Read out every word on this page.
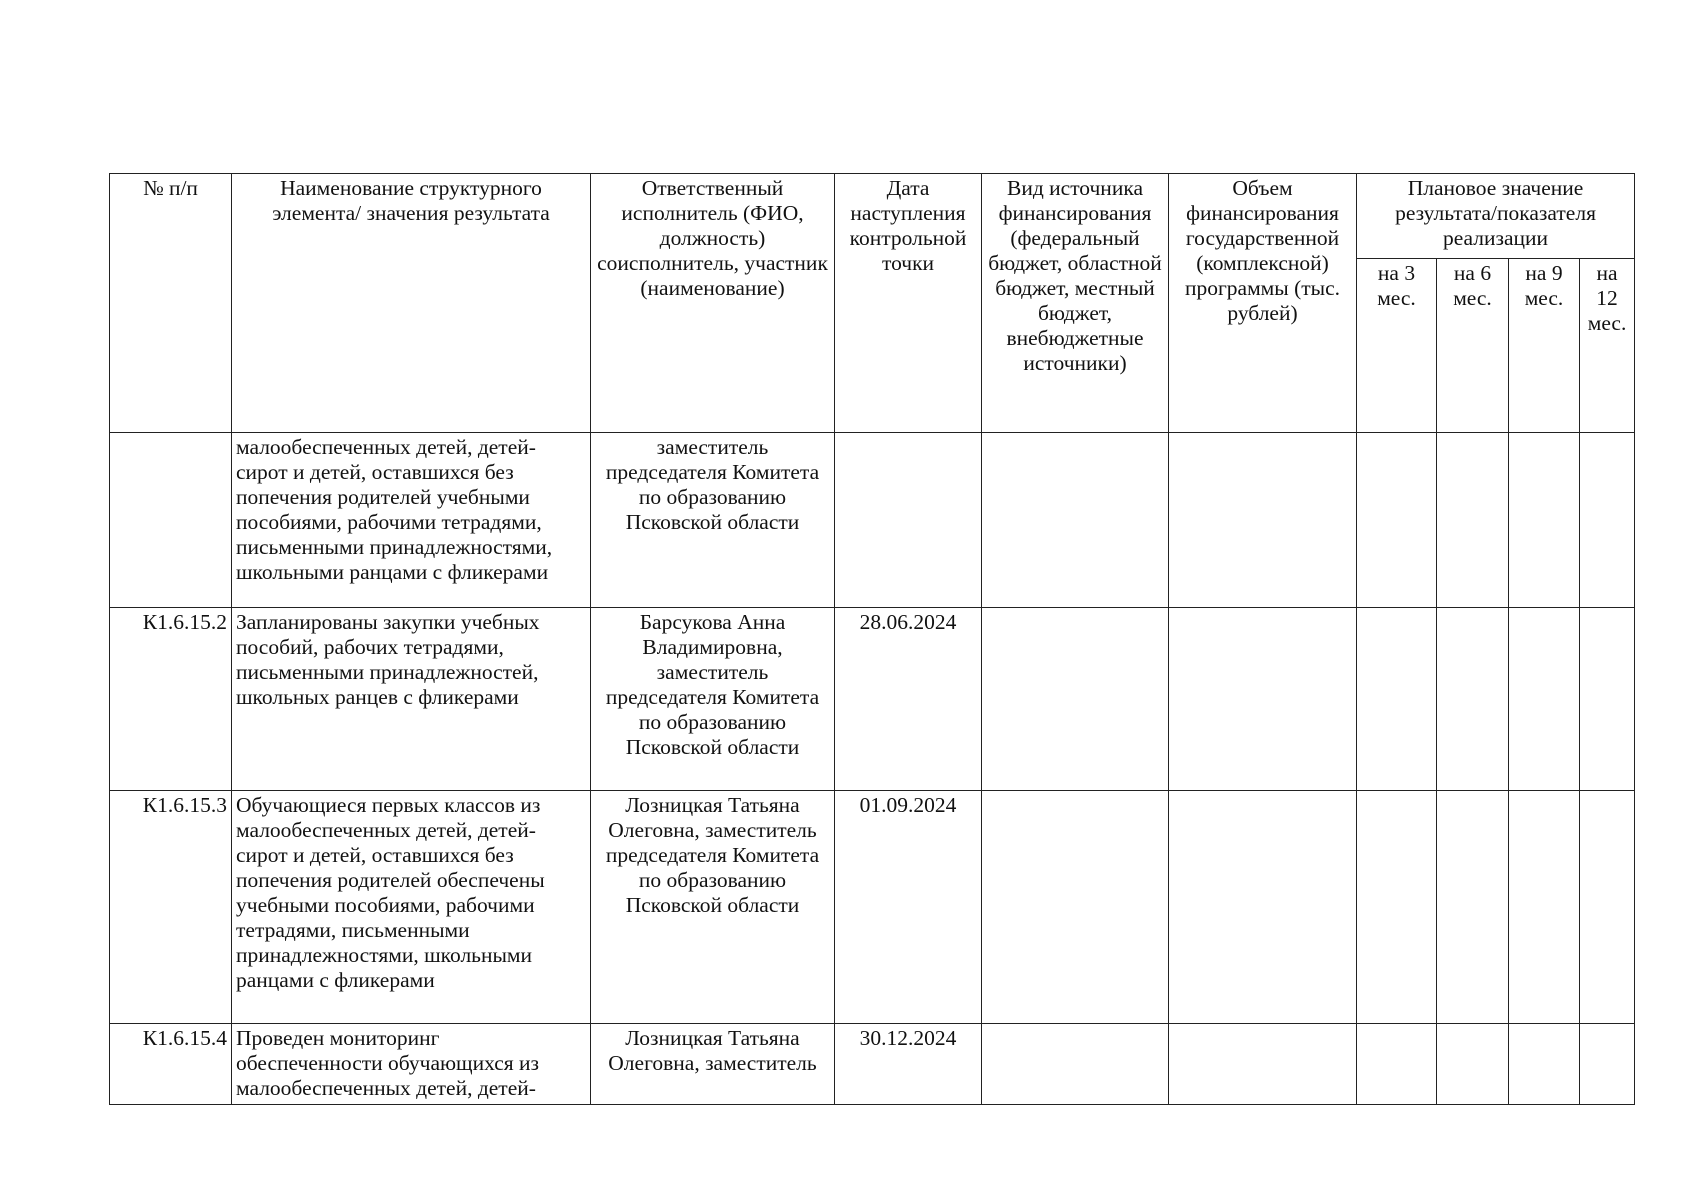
№ п/п	Наименование структурного элемента/ значения результата	Ответственный исполнитель (ФИО, должность) соисполнитель, участник (наименование)	Дата наступления контрольной точки	Вид источника финансирования (федеральный бюджет, областной бюджет, местный бюджет, внебюджетные источники)	Объем финансирования государственной (комплексной) программы (тыс. рублей)	Плановое значение результата/показателя реализации			
						на 3 мес.	на 6 мес.	на 9 мес.	на 12 мес.
	малообеспеченных детей, детей-сирот и детей, оставшихся без попечения родителей учебными пособиями, рабочими тетрадями, письменными принадлежностями, школьными ранцами с фликерами	заместитель председателя Комитета по образованию Псковской области							
К1.6.15.2	Запланированы закупки учебных пособий, рабочих тетрадями, письменными принадлежностей, школьных ранцев с фликерами	Барсукова Анна Владимировна, заместитель председателя Комитета по образованию Псковской области	28.06.2024						
К1.6.15.3	Обучающиеся первых классов из малообеспеченных детей, детей-сирот и детей, оставшихся без попечения родителей обеспечены учебными пособиями, рабочими тетрадями, письменными принадлежностями, школьными ранцами с фликерами	Лозницкая Татьяна Олеговна, заместитель председателя Комитета по образованию Псковской области	01.09.2024						
К1.6.15.4	Проведен мониторинг обеспеченности обучающихся из малообеспеченных детей, детей-	Лозницкая Татьяна Олеговна, заместитель	30.12.2024						
